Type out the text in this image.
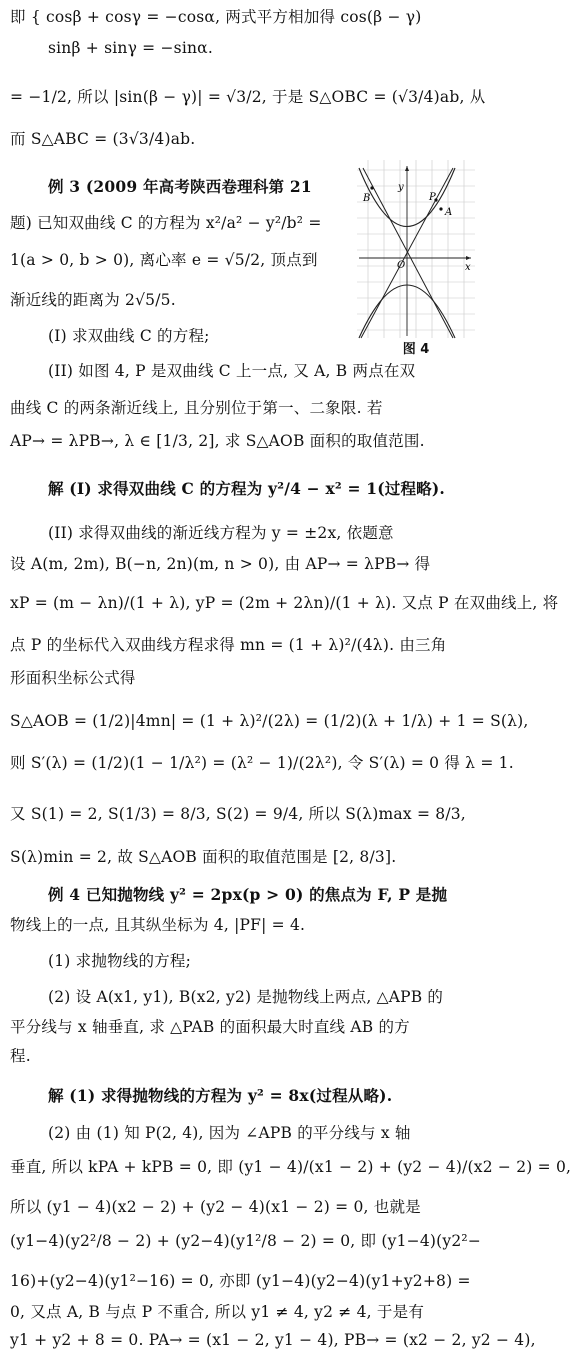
即 { cosβ + cosγ = −cosα, 两式平方相加得 cos(β − γ)
sinβ + sinγ = −sinα.
= −1/2, 所以 |sin(β − γ)| = √3/2, 于是 S△OBC = (√3/4)ab, 从
而 S△ABC = (3√3/4)ab.
例 3 (2009 年高考陕西卷理科第 21
题) 已知双曲线 C 的方程为 x²/a² − y²/b² =
1(a > 0, b > 0), 离心率 e = √5/2, 顶点到
渐近线的距离为 2√5/5.
(I) 求双曲线 C 的方程;
(II) 如图 4, P 是双曲线 C 上一点, 又 A, B 两点在双
曲线 C 的两条渐近线上, 且分别位于第一、二象限. 若
AP→ = λPB→, λ ∈ [1/3, 2], 求 S△AOB 面积的取值范围.
解 (I) 求得双曲线 C 的方程为 y²/4 − x² = 1(过程略).
(II) 求得双曲线的渐近线方程为 y = ±2x, 依题意
设 A(m, 2m), B(−n, 2n)(m, n > 0), 由 AP→ = λPB→ 得
xP = (m − λn)/(1 + λ), yP = (2m + 2λn)/(1 + λ). 又点 P 在双曲线上, 将
点 P 的坐标代入双曲线方程求得 mn = (1 + λ)²/(4λ). 由三角
形面积坐标公式得
S△AOB = (1/2)|4mn| = (1 + λ)²/(2λ) = (1/2)(λ + 1/λ) + 1 = S(λ),
则 S′(λ) = (1/2)(1 − 1/λ²) = (λ² − 1)/(2λ²), 令 S′(λ) = 0 得 λ = 1.
又 S(1) = 2, S(1/3) = 8/3, S(2) = 9/4, 所以 S(λ)max = 8/3,
S(λ)min = 2, 故 S△AOB 面积的取值范围是 [2, 8/3].
例 4 已知抛物线 y² = 2px(p > 0) 的焦点为 F, P 是抛
物线上的一点, 且其纵坐标为 4, |PF| = 4.
(1) 求抛物线的方程;
(2) 设 A(x1, y1), B(x2, y2) 是抛物线上两点, △APB 的
平分线与 x 轴垂直, 求 △PAB 的面积最大时直线 AB 的方
程.
解 (1) 求得抛物线的方程为 y² = 8x(过程从略).
(2) 由 (1) 知 P(2, 4), 因为 ∠APB 的平分线与 x 轴
垂直, 所以 kPA + kPB = 0, 即 (y1 − 4)/(x1 − 2) + (y2 − 4)/(x2 − 2) = 0,
所以 (y1 − 4)(x2 − 2) + (y2 − 4)(x1 − 2) = 0, 也就是
(y1−4)(y2²/8 − 2) + (y2−4)(y1²/8 − 2) = 0, 即 (y1−4)(y2²−
16)+(y2−4)(y1²−16) = 0, 亦即 (y1−4)(y2−4)(y1+y2+8) =
0, 又点 A, B 与点 P 不重合, 所以 y1 ≠ 4, y2 ≠ 4, 于是有
y1 + y2 + 8 = 0. PA→ = (x1 − 2, y1 − 4), PB→ = (x2 − 2, y2 − 4),
B	P
A
O	x
y
图 4
